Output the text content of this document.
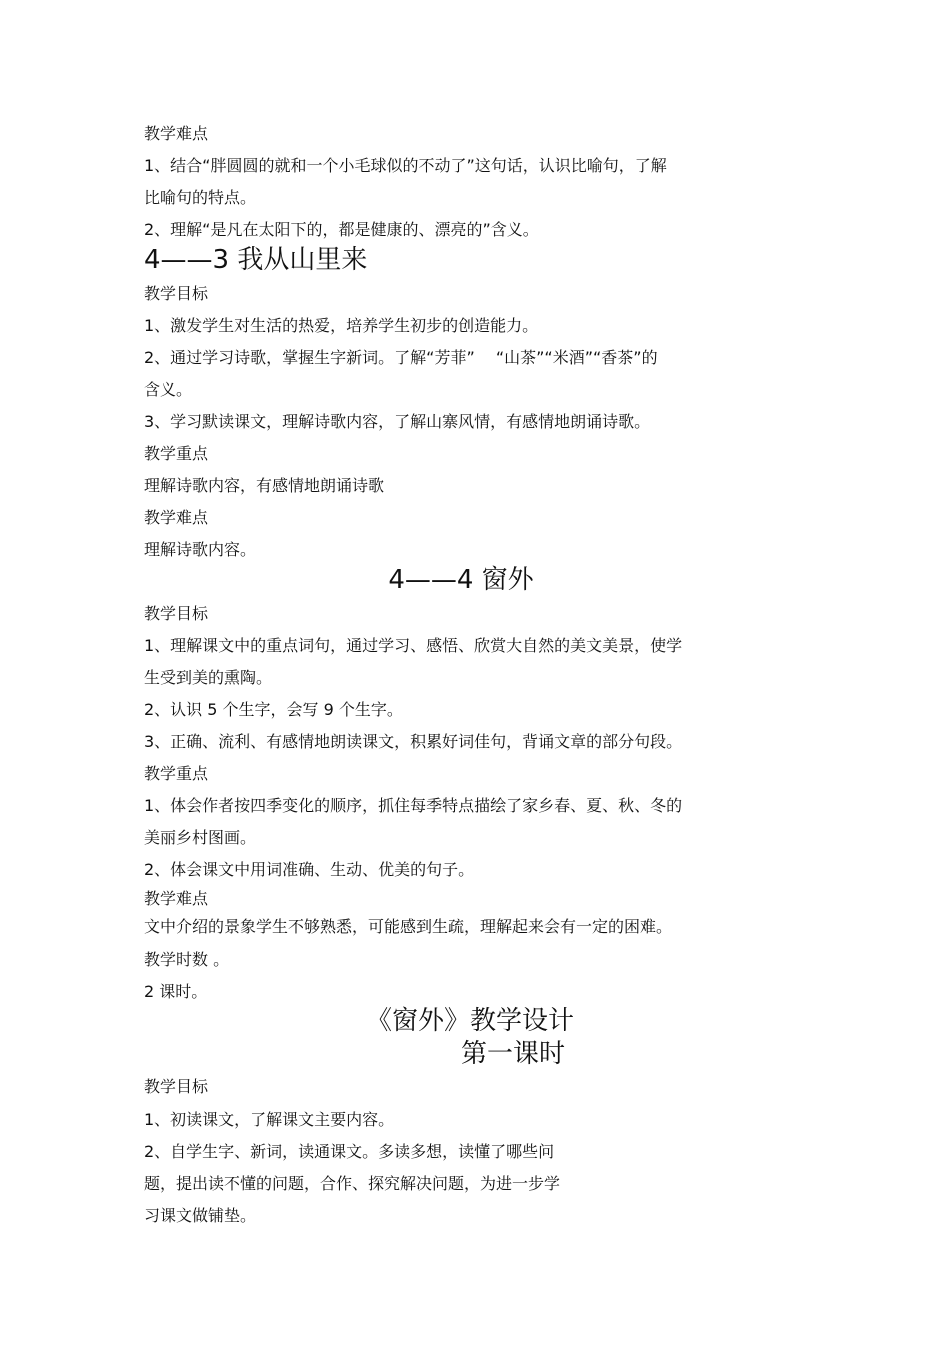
教学难点
1、结合“胖圆圆的就和一个小毛球似的不动了”这句话，认识比喻句，了解
比喻句的特点。
2、理解“是凡在太阳下的，都是健康的、漂亮的”含义。
4——3 我从山里来
教学目标
1、激发学生对生活的热爱，培养学生初步的创造能力。
2、通过学习诗歌，掌握生字新词。了解“芳菲”　 “山茶”“米酒”“香茶”的
含义。
3、学习默读课文，理解诗歌内容，了解山寨风情，有感情地朗诵诗歌。
教学重点
理解诗歌内容，有感情地朗诵诗歌
教学难点
理解诗歌内容。
4——4 窗外
教学目标
1、理解课文中的重点词句，通过学习、感悟、欣赏大自然的美文美景，使学
生受到美的熏陶。
2、认识 5 个生字，会写 9 个生字。
3、正确、流利、有感情地朗读课文，积累好词佳句，背诵文章的部分句段。
教学重点
1、体会作者按四季变化的顺序，抓住每季特点描绘了家乡春、夏、秋、冬的
美丽乡村图画。
2、体会课文中用词准确、生动、优美的句子。
教学难点
文中介绍的景象学生不够熟悉，可能感到生疏，理解起来会有一定的困难。
教学时数 。
2 课时。
《窗外》教学设计
第一课时
教学目标
1、初读课文，了解课文主要内容。
2、自学生字、新词，读通课文。多读多想，读懂了哪些问
题，提出读不懂的问题，合作、探究解决问题，为进一步学
习课文做铺垫。
